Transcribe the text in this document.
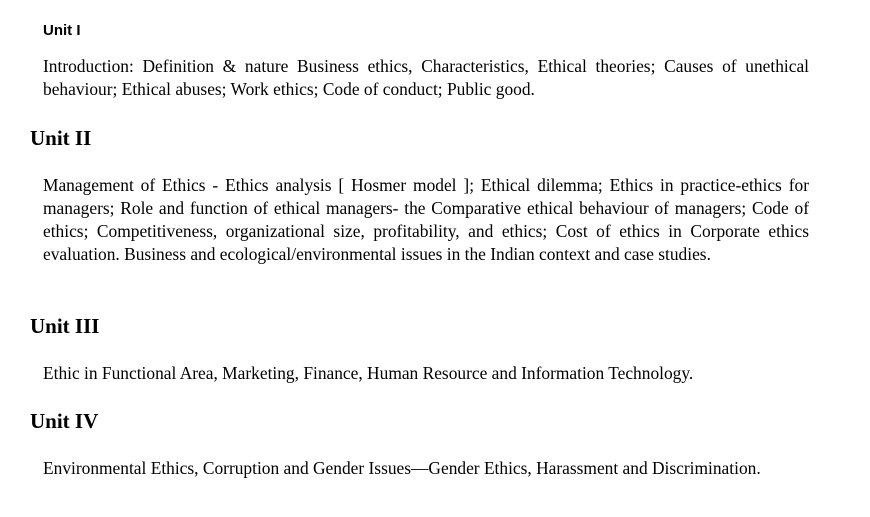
Unit I

Introduction: Definition & nature Business ethics, Characteristics, Ethical theories; Causes of unethical behaviour; Ethical abuses; Work ethics; Code of conduct; Public good.

Unit II

Management of Ethics - Ethics analysis [ Hosmer model ]; Ethical dilemma; Ethics in practice-ethics for managers; Role and function of ethical managers- the Comparative ethical behaviour of managers; Code of ethics; Competitiveness, organizational size, profitability, and ethics; Cost of ethics in Corporate ethics evaluation. Business and ecological/environmental issues in the Indian context and case studies.

Unit III

Ethic in Functional Area, Marketing, Finance, Human Resource and Information Technology.

Unit IV

Environmental Ethics, Corruption and Gender Issues—Gender Ethics, Harassment and Discrimination.
